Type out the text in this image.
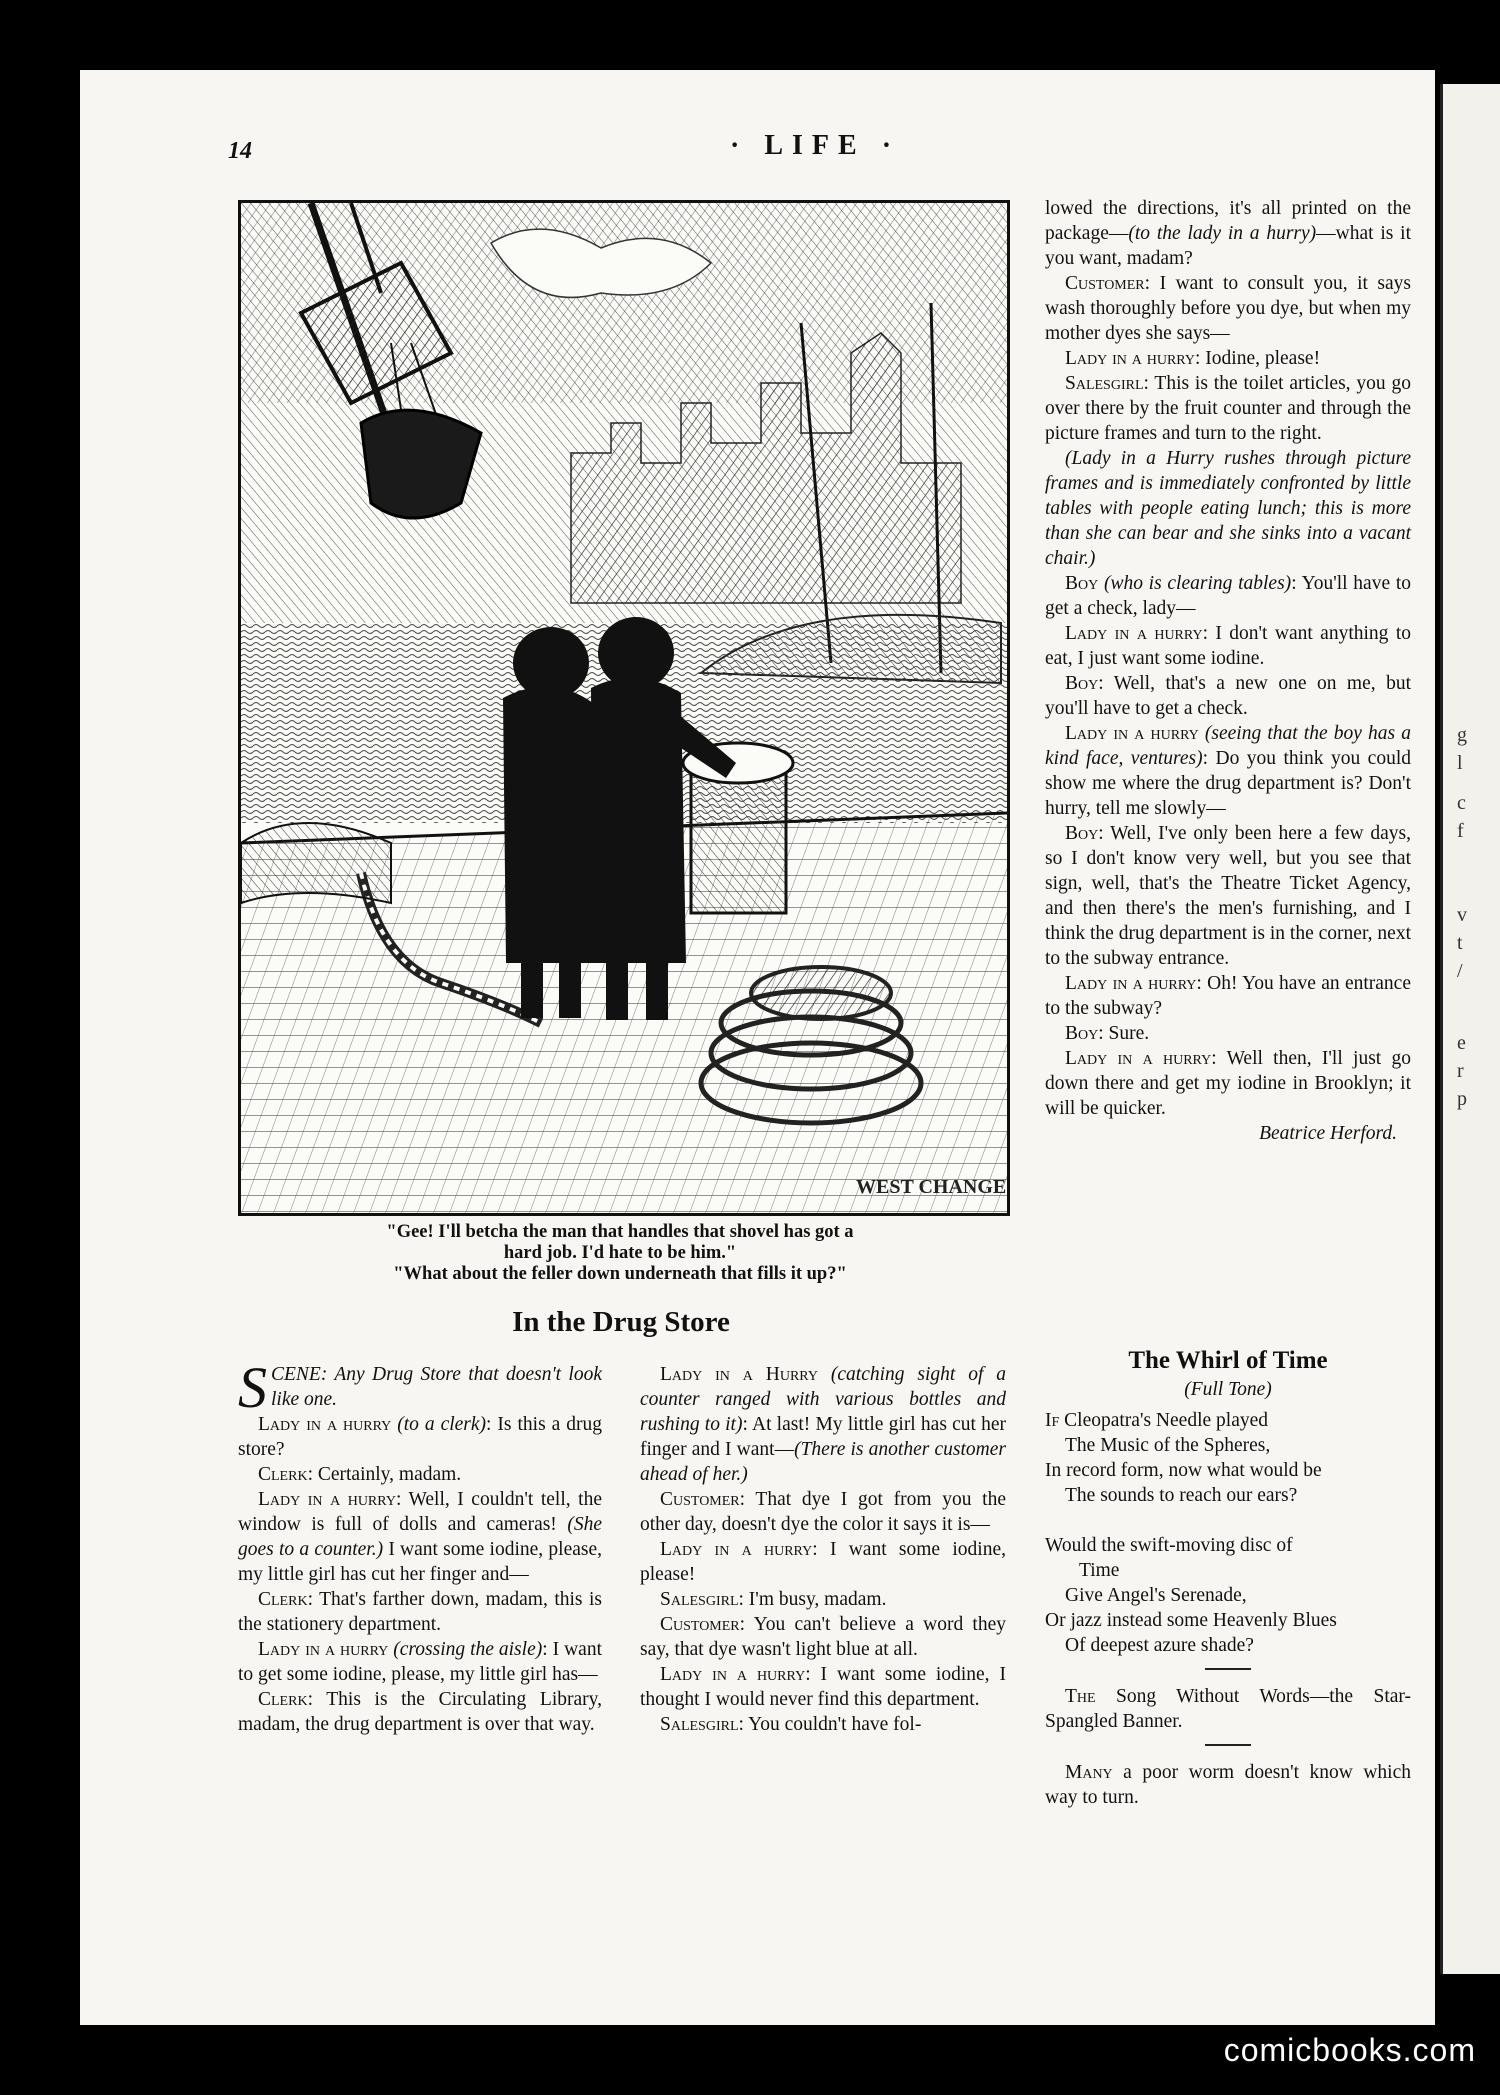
g
l
c
f
v
t
/
e
r
p
14	· LIFE ·
WEST CHANGE
"Gee! I'll betcha the man that handles that shovel has got a
hard job. I'd hate to be him."
"What about the feller down underneath that fills it up?"
In the Drug Store

SCENE: Any Drug Store that doesn't look like one.

Lady in a hurry (to a clerk): Is this a drug store?

Clerk: Certainly, madam.

Lady in a hurry: Well, I couldn't tell, the window is full of dolls and cameras! (She goes to a counter.) I want some iodine, please, my little girl has cut her finger and—

Clerk: That's farther down, madam, this is the stationery department.

Lady in a hurry (crossing the aisle): I want to get some iodine, please, my little girl has—

Clerk: This is the Circulating Library, madam, the drug department is over that way.

Lady in a Hurry (catching sight of a counter ranged with various bottles and rushing to it): At last! My little girl has cut her finger and I want—(There is another customer ahead of her.)

Customer: That dye I got from you the other day, doesn't dye the color it says it is—

Lady in a hurry: I want some iodine, please!

Salesgirl: I'm busy, madam.

Customer: You can't believe a word they say, that dye wasn't light blue at all.

Lady in a hurry: I want some iodine, I thought I would never find this department.

Salesgirl: You couldn't have fol-

lowed the directions, it's all printed on the package—(to the lady in a hurry)—what is it you want, madam?

Customer: I want to consult you, it says wash thoroughly before you dye, but when my mother dyes she says—

Lady in a hurry: Iodine, please!

Salesgirl: This is the toilet articles, you go over there by the fruit counter and through the picture frames and turn to the right.

(Lady in a Hurry rushes through picture frames and is immediately confronted by little tables with people eating lunch; this is more than she can bear and she sinks into a vacant chair.)

Boy (who is clearing tables): You'll have to get a check, lady—

Lady in a hurry: I don't want anything to eat, I just want some iodine.

Boy: Well, that's a new one on me, but you'll have to get a check.

Lady in a hurry (seeing that the boy has a kind face, ventures): Do you think you could show me where the drug department is? Don't hurry, tell me slowly—

Boy: Well, I've only been here a few days, so I don't know very well, but you see that sign, well, that's the Theatre Ticket Agency, and then there's the men's furnishing, and I think the drug department is in the corner, next to the subway entrance.

Lady in a hurry: Oh! You have an entrance to the subway?

Boy: Sure.

Lady in a hurry: Well then, I'll just go down there and get my iodine in Brooklyn; it will be quicker.

Beatrice Herford.
The Whirl of Time
(Full Tone)
If Cleopatra's Needle played
The Music of the Spheres,
In record form, now what would be
The sounds to reach our ears?
Would the swift-moving disc of
Time
Give Angel's Serenade,
Or jazz instead some Heavenly Blues
Of deepest azure shade?

The Song Without Words—the Star-Spangled Banner.

Many a poor worm doesn't know which way to turn.

comicbooks.com
